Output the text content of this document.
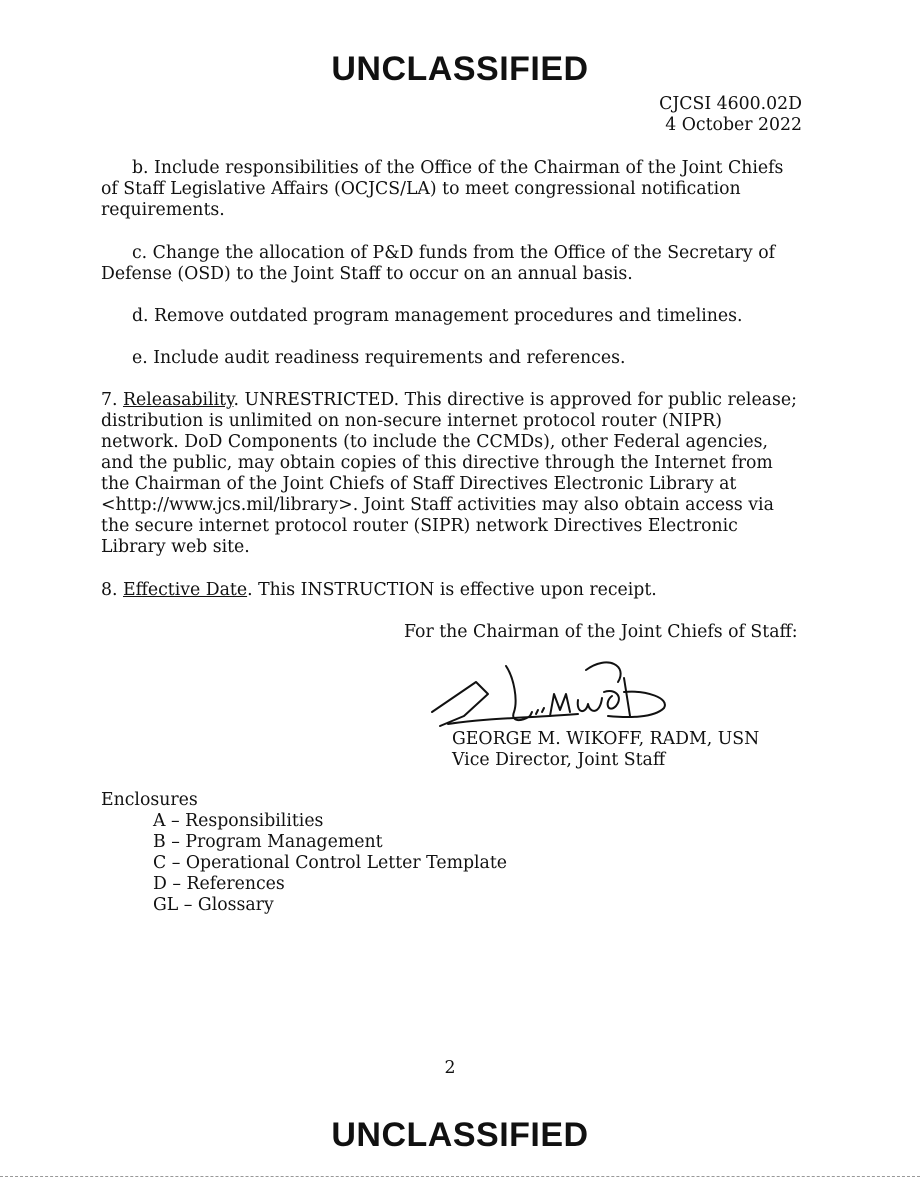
UNCLASSIFIED
CJCSI 4600.02D
4 October 2022
b. Include responsibilities of the Office of the Chairman of the Joint Chiefs of Staff Legislative Affairs (OCJCS/LA) to meet congressional notification requirements.
c. Change the allocation of P&D funds from the Office of the Secretary of Defense (OSD) to the Joint Staff to occur on an annual basis.
d. Remove outdated program management procedures and timelines.
e. Include audit readiness requirements and references.
7. Releasability. UNRESTRICTED. This directive is approved for public release; distribution is unlimited on non-secure internet protocol router (NIPR) network. DoD Components (to include the CCMDs), other Federal agencies, and the public, may obtain copies of this directive through the Internet from the Chairman of the Joint Chiefs of Staff Directives Electronic Library at <http://www.jcs.mil/library>. Joint Staff activities may also obtain access via the secure internet protocol router (SIPR) network Directives Electronic Library web site.
8. Effective Date. This INSTRUCTION is effective upon receipt.
For the Chairman of the Joint Chiefs of Staff:
GEORGE M. WIKOFF, RADM, USN
Vice Director, Joint Staff
Enclosures
A – Responsibilities
B – Program Management
C – Operational Control Letter Template
D – References
GL – Glossary
2
UNCLASSIFIED
